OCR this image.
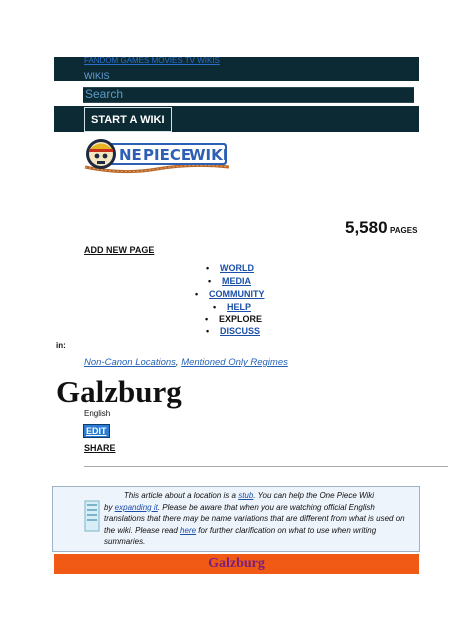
FANDOM GAMES MOVIES TV WIKIS
WIKIS
Search
START A WIKI
NE PIECE
WIKI
5,580 PAGES
ADD NEW PAGE
• WORLD
• MEDIA
• COMMUNITY
• HELP
• EXPLORE
• DISCUSS
in:
Non-Canon Locations, Mentioned Only Regimes
Galzburg
English
EDIT
SHARE
This article about a location is a stub. You can help the One Piece Wiki
by expanding it. Please be aware that when you are watching official English translations that there may be name variations that are different from what is used on the wiki. Please read here for further clarification on what to use when writing summaries.
Galzburg
